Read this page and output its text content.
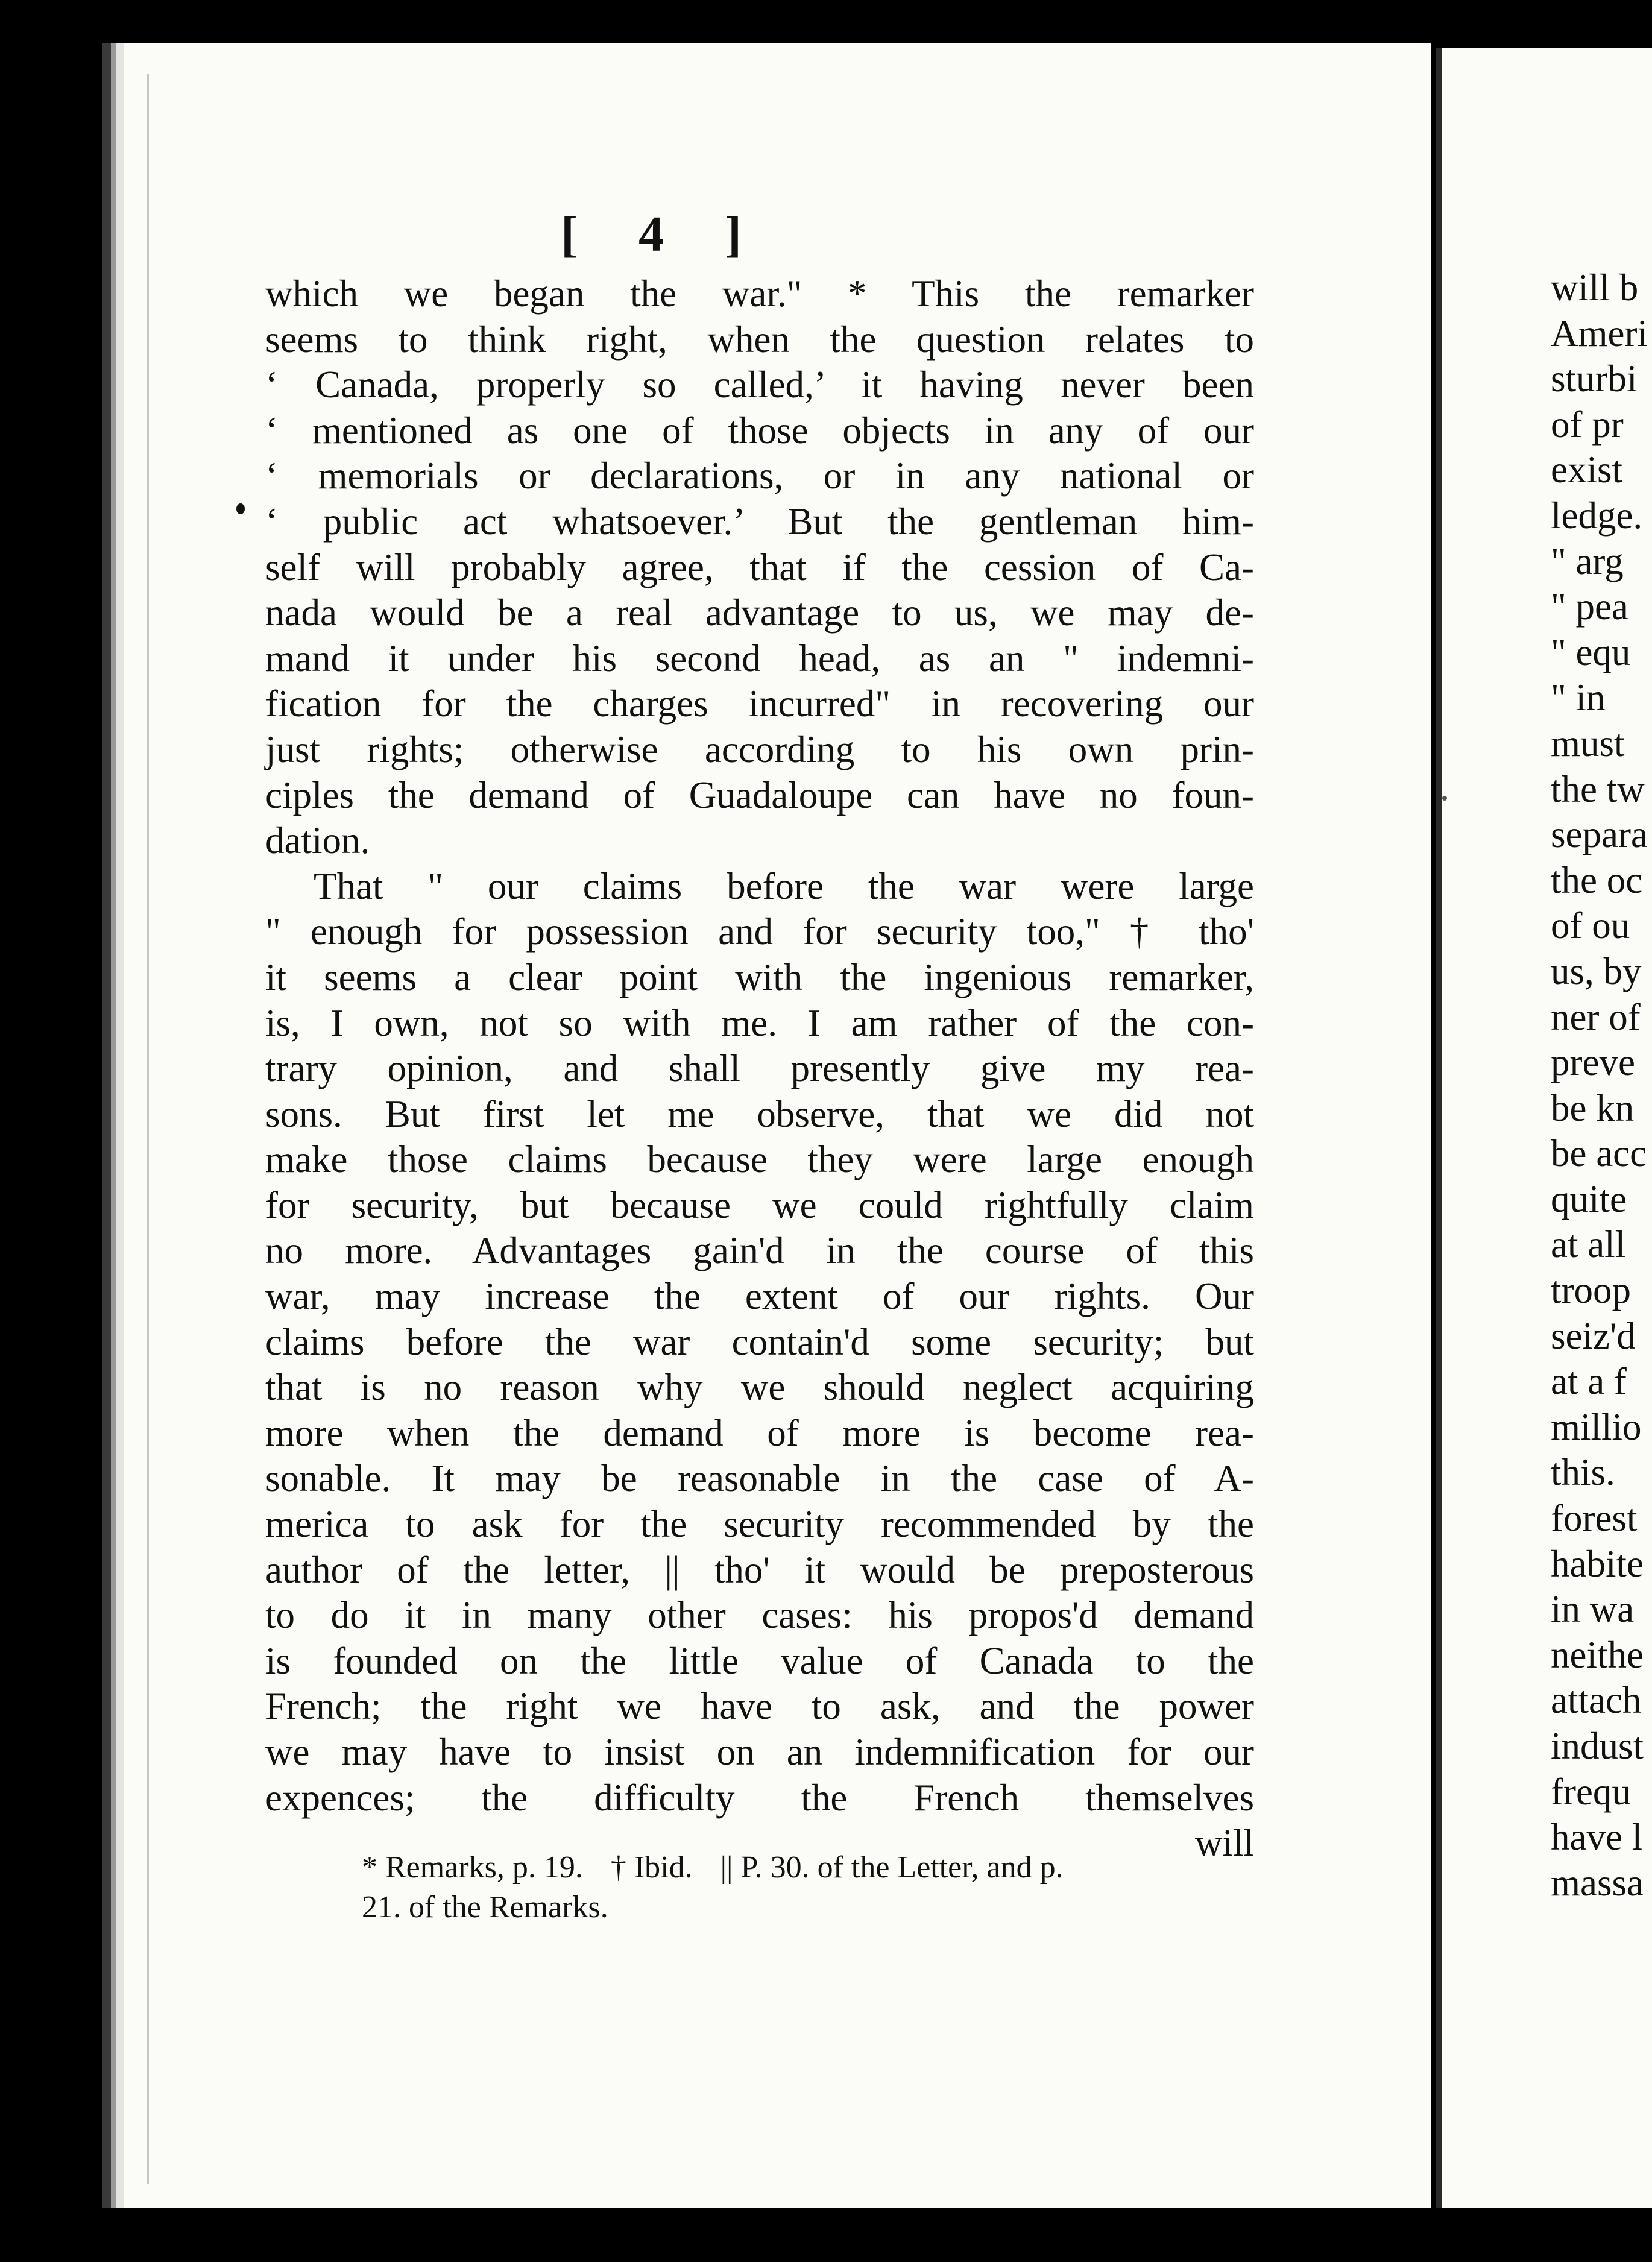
[ 4 ]
which we began the war." * This the remarker
seems to think right, when the question relates to
‘ Canada, properly so called,’ it having never been
‘ mentioned as one of those objects in any of our
‘ memorials or declarations, or in any national or
‘ public act whatsoever.’ But the gentleman him-
self will probably agree, that if the cession of Ca-
nada would be a real advantage to us, we may de-
mand it under his second head, as an " indemni-
fication for the charges incurred" in recovering our
just rights; otherwise according to his own prin-
ciples the demand of Guadaloupe can have no foun-
dation.
That " our claims before the war were large
" enough for possession and for security too," † tho'
it seems a clear point with the ingenious remarker,
is, I own, not so with me. I am rather of the con-
trary opinion, and shall presently give my rea-
sons. But first let me observe, that we did not
make those claims because they were large enough
for security, but because we could rightfully claim
no more. Advantages gain'd in the course of this
war, may increase the extent of our rights. Our
claims before the war contain'd some security; but
that is no reason why we should neglect acquiring
more when the demand of more is become rea-
sonable. It may be reasonable in the case of A-
merica to ask for the security recommended by the
author of the letter, || tho' it would be preposterous
to do it in many other cases: his propos'd demand
is founded on the little value of Canada to the
French; the right we have to ask, and the power
we may have to insist on an indemnification for our
expences; the difficulty the French themselves
will
* Remarks, p. 19. † Ibid. || P. 30. of the Letter, and p.
21. of the Remarks.
will b
Ameri
sturbi
of pr
exist
ledge.
" arg
" pea
" equ
" in
must
the tw
separa
the oc
of ou
us, by
ner of
preve
be kn
be acc
quite
at all
troop
seiz'd
at a f
millio
this.
forest
habite
in wa
neithe
attach
indust
frequ
have l
massa
